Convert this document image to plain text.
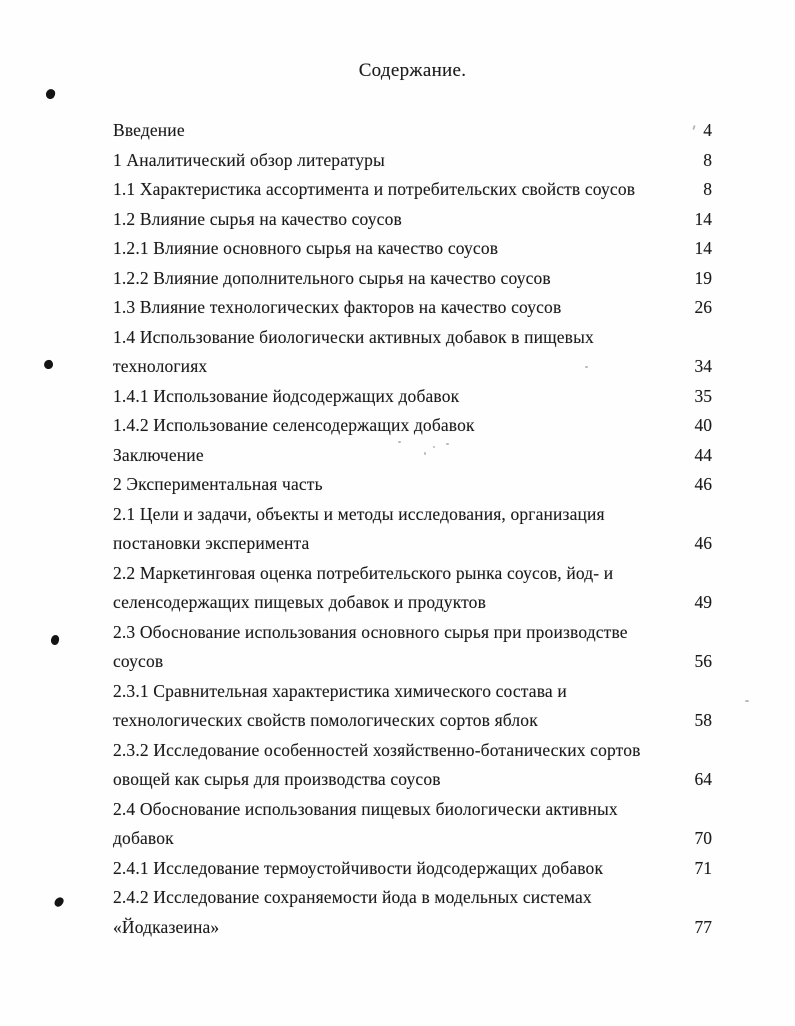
Содержание.
Введение	4
1 Аналитический обзор литературы	8
1.1 Характеристика ассортимента и потребительских свойств соусов	8
1.2 Влияние сырья на качество соусов	14
1.2.1 Влияние основного сырья на качество соусов	14
1.2.2 Влияние дополнительного сырья на качество соусов	19
1.3 Влияние технологических факторов на качество соусов	26
1.4 Использование биологически активных добавок в пищевых
технологиях	34
1.4.1 Использование йодсодержащих добавок	35
1.4.2 Использование селенсодержащих добавок	40
Заключение	44
2 Экспериментальная часть	46
2.1 Цели и задачи, объекты и методы исследования, организация
постановки эксперимента	46
2.2 Маркетинговая оценка потребительского рынка соусов, йод- и
селенсодержащих пищевых добавок и продуктов	49
2.3 Обоснование использования основного сырья при производстве
соусов	56
2.3.1 Сравнительная характеристика химического состава и
технологических свойств помологических сортов яблок	58
2.3.2 Исследование особенностей хозяйственно-ботанических сортов
овощей как сырья для производства соусов	64
2.4 Обоснование использования пищевых биологически активных
добавок	70
2.4.1 Исследование термоустойчивости йодсодержащих добавок	71
2.4.2 Исследование сохраняемости йода в модельных системах
«Йодказеина»	77
